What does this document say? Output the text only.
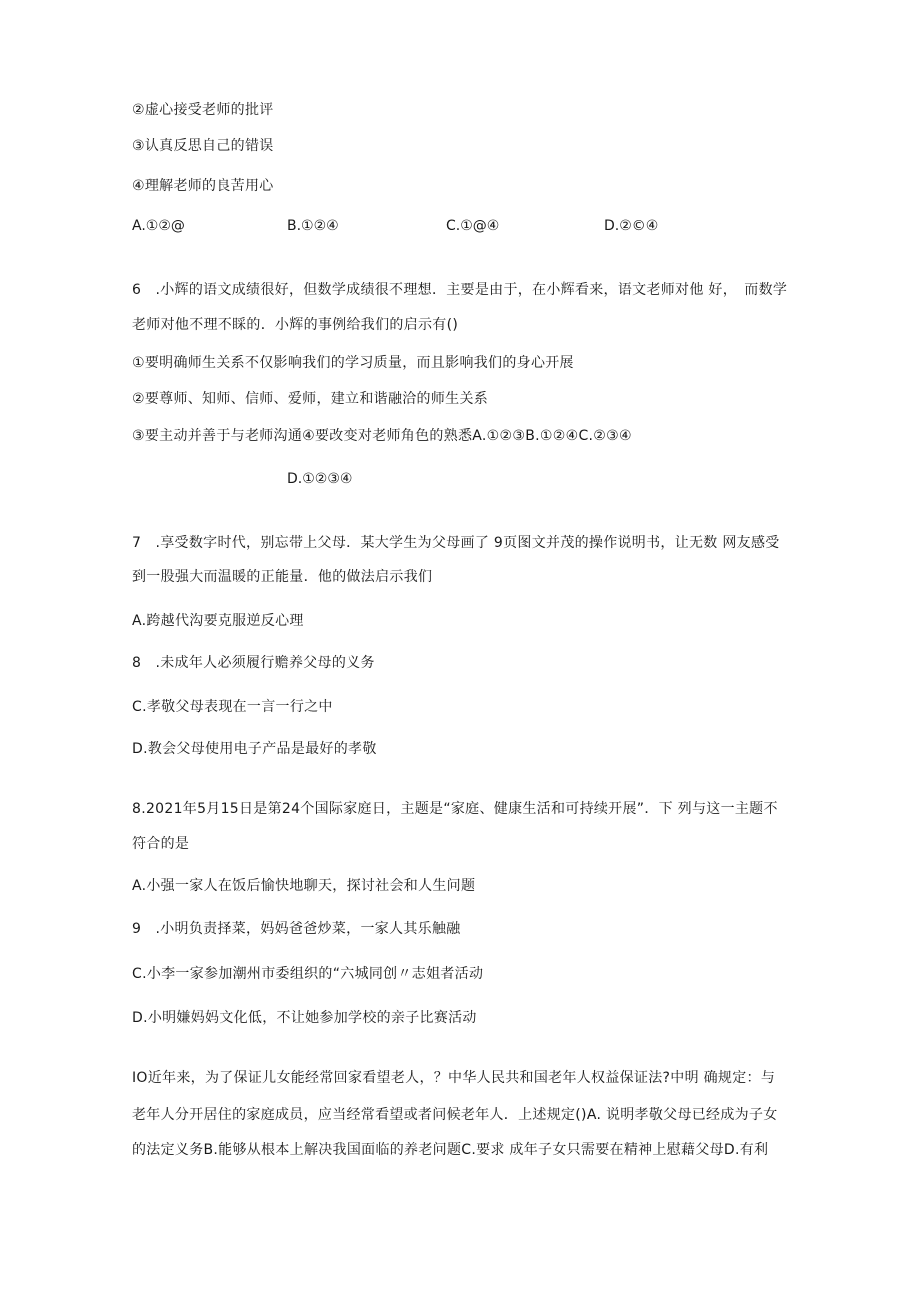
②虚心接受老师的批评
③认真反思自己的错误
④理解老师的良苦用心
A.①②@	B.①②④	C.①@④	D.②©④
6　.小辉的语文成绩很好，但数学成绩很不理想．主要是由于，在小辉看来，语文老师对他 好，　而数学
老师对他不理不睬的．小辉的事例给我们的启示有()
①要明确师生关系不仅影响我们的学习质量，而且影响我们的身心开展
②要尊师、知师、信师、爱师，建立和谐融洽的师生关系
③要主动并善于与老师沟通④要改变对老师角色的熟悉A.①②③B.①②④C.②③④
D.①②③④
7　.享受数字时代，别忘带上父母．某大学生为父母画了 9页图文并茂的操作说明书，让无数 网友感受
到一股强大而温暖的正能量．他的做法启示我们
A.跨越代沟要克服逆反心理
8　.未成年人必须履行赡养父母的义务
C.孝敬父母表现在一言一行之中
D.教会父母使用电子产品是最好的孝敬
8.2021年5月15日是第24个国际家庭日，主题是“家庭、健康生活和可持续开展”．下 列与这一主题不
符合的是
A.小强一家人在饭后愉快地聊天，探讨社会和人生问题
9　.小明负责择菜，妈妈爸爸炒菜，一家人其乐触融
C.小李一家参加潮州市委组织的“六城同创〃志姐者活动
D.小明嫌妈妈文化低，不让她参加学校的亲子比赛活动
IO近年来，为了保证儿女能经常回家看望老人，？中华人民共和国老年人权益保证法?中明 确规定：与
老年人分开居住的家庭成员，应当经常看望或者问候老年人．上述规定()A. 说明孝敬父母已经成为子女
的法定义务B.能够从根本上解决我国面临的养老问题C.要求 成年子女只需要在精神上慰藉父母D.有利
